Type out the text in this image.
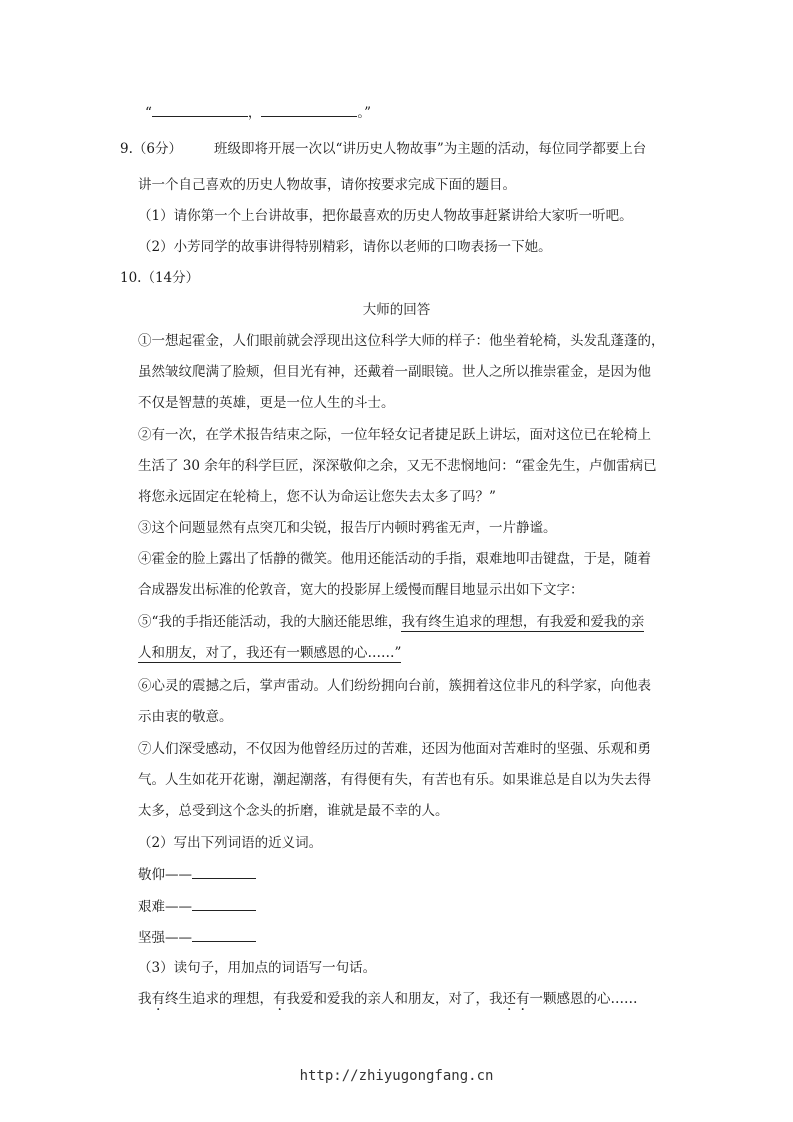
“	，	。”
9.（6分） 班级即将开展一次以“讲历史人物故事”为主题的活动，每位同学都要上台
讲一个自己喜欢的历史人物故事，请你按要求完成下面的题目。
（1）请你第一个上台讲故事，把你最喜欢的历史人物故事赶紧讲给大家听一听吧。
（2）小芳同学的故事讲得特别精彩，请你以老师的口吻表扬一下她。
10.（14分）
大师的回答
①一想起霍金，人们眼前就会浮现出这位科学大师的样子：他坐着轮椅，头发乱蓬蓬的，
虽然皱纹爬满了脸颊，但目光有神，还戴着一副眼镜。世人之所以推崇霍金，是因为他
不仅是智慧的英雄，更是一位人生的斗士。
②有一次，在学术报告结束之际，一位年轻女记者捷足跃上讲坛，面对这位已在轮椅上
生活了 30 余年的科学巨匠，深深敬仰之余，又无不悲悯地问：“霍金先生，卢伽雷病已
将您永远固定在轮椅上，您不认为命运让您失去太多了吗？”
③这个问题显然有点突兀和尖锐，报告厅内顿时鸦雀无声，一片静谧。
④霍金的脸上露出了恬静的微笑。他用还能活动的手指，艰难地叩击键盘，于是，随着
合成器发出标准的伦敦音，宽大的投影屏上缓慢而醒目地显示出如下文字：
⑤“我的手指还能活动，我的大脑还能思维，我有终生追求的理想，有我爱和爱我的亲
人和朋友，对了，我还有一颗感恩的心……”
⑥心灵的震撼之后，掌声雷动。人们纷纷拥向台前，簇拥着这位非凡的科学家，向他表
示由衷的敬意。
⑦人们深受感动，不仅因为他曾经历过的苦难，还因为他面对苦难时的坚强、乐观和勇
气。人生如花开花谢，潮起潮落，有得便有失，有苦也有乐。如果谁总是自以为失去得
太多，总受到这个念头的折磨，谁就是最不幸的人。
（2）写出下列词语的近义词。
敬仰——
艰难——
坚强——
（3）读句子，用加点的词语写一句话。
我有终生追求的理想，有我爱和爱我的亲人和朋友，对了，我还有一颗感恩的心……
http://zhiyugongfang.cn
